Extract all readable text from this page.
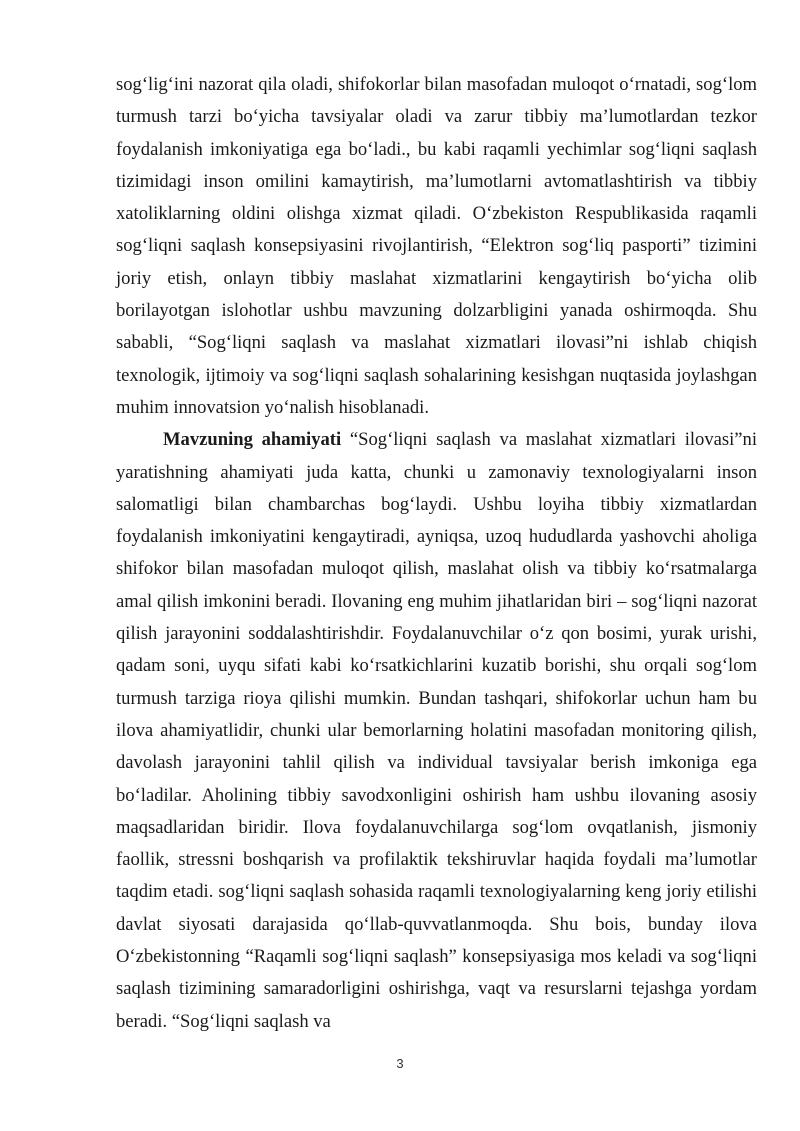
sog‘lig‘ini nazorat qila oladi, shifokorlar bilan masofadan muloqot o‘rnatadi, sog‘lom turmush tarzi bo‘yicha tavsiyalar oladi va zarur tibbiy ma’lumotlardan tezkor foydalanish imkoniyatiga ega bo‘ladi., bu kabi raqamli yechimlar sog‘liqni saqlash tizimidagi inson omilini kamaytirish, ma’lumotlarni avtomatlashtirish va tibbiy xatoliklarning oldini olishga xizmat qiladi. O‘zbekiston Respublikasida raqamli sog‘liqni saqlash konsepsiyasini rivojlantirish, “Elektron sog‘liq pasporti” tizimini joriy etish, onlayn tibbiy maslahat xizmatlarini kengaytirish bo‘yicha olib borilayotgan islohotlar ushbu mavzuning dolzarbligini yanada oshirmoqda. Shu sababli, “Sog‘liqni saqlash va maslahat xizmatlari ilovasi”ni ishlab chiqish texnologik, ijtimoiy va sog‘liqni saqlash sohalarining kesishgan nuqtasida joylashgan muhim innovatsion yo‘nalish hisoblanadi.

Mavzuning ahamiyati “Sog‘liqni saqlash va maslahat xizmatlari ilovasi”ni yaratishning ahamiyati juda katta, chunki u zamonaviy texnologiyalarni inson salomatligi bilan chambarchas bog‘laydi. Ushbu loyiha tibbiy xizmatlardan foydalanish imkoniyatini kengaytiradi, ayniqsa, uzoq hududlarda yashovchi aholiga shifokor bilan masofadan muloqot qilish, maslahat olish va tibbiy ko‘rsatmalarga amal qilish imkonini beradi. Ilovaning eng muhim jihatlaridan biri – sog‘liqni nazorat qilish jarayonini soddalashtirishdir. Foydalanuvchilar o‘z qon bosimi, yurak urishi, qadam soni, uyqu sifati kabi ko‘rsatkichlarini kuzatib borishi, shu orqali sog‘lom turmush tarziga rioya qilishi mumkin. Bundan tashqari, shifokorlar uchun ham bu ilova ahamiyatlidir, chunki ular bemorlarning holatini masofadan monitoring qilish, davolash jarayonini tahlil qilish va individual tavsiyalar berish imkoniga ega bo‘ladilar. Aholining tibbiy savodxonligini oshirish ham ushbu ilovaning asosiy maqsadlaridan biridir. Ilova foydalanuvchilarga sog‘lom ovqatlanish, jismoniy faollik, stressni boshqarish va profilaktik tekshiruvlar haqida foydali ma’lumotlar taqdim etadi. sog‘liqni saqlash sohasida raqamli texnologiyalarning keng joriy etilishi davlat siyosati darajasida qo‘llab-quvvatlanmoqda. Shu bois, bunday ilova O‘zbekistonning “Raqamli sog‘liqni saqlash” konsepsiyasiga mos keladi va sog‘liqni saqlash tizimining samaradorligini oshirishga, vaqt va resurslarni tejashga yordam beradi. “Sog‘liqni saqlash va

3
